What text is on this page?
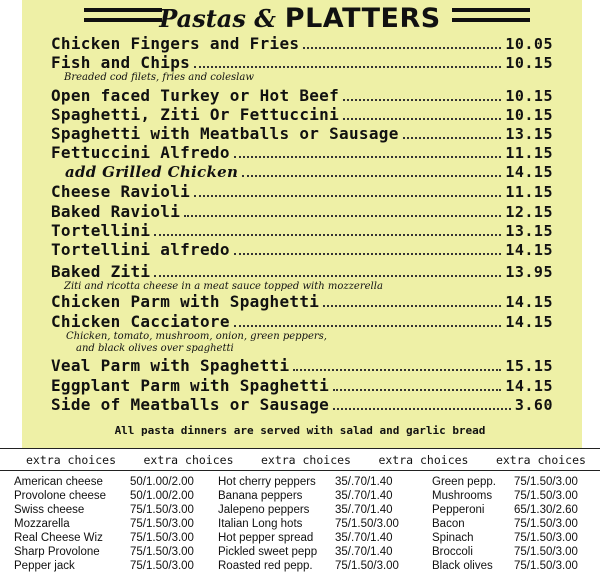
Pastas & PLATTERS
Chicken Fingers and Fries	10.05
Fish and Chips	10.15
Breaded cod filets, fries and coleslaw
Open faced Turkey or Hot Beef	10.15
Spaghetti, Ziti Or Fettuccini	10.15
Spaghetti with Meatballs or Sausage	13.15
Fettuccini Alfredo	11.15
add Grilled Chicken	14.15
Cheese Ravioli	11.15
Baked Ravioli	12.15
Tortellini	13.15
Tortellini alfredo	14.15
Baked Ziti	13.95
Ziti and ricotta cheese in a meat sauce topped with mozzerella
Chicken Parm with Spaghetti	14.15
Chicken Cacciatore	14.15
Chicken, tomato, mushroom, onion, green peppers,
and black olives over spaghetti
Veal Parm with Spaghetti	15.15
Eggplant Parm with Spaghetti	14.15
Side of Meatballs or Sausage	3.60
All pasta dinners are served with salad and garlic bread
extra choices extra choices extra choices extra choices extra choices
American cheese 50/1.00/2.00 Hot cherry peppers 35/.70/1.40	Green pepp. 75/1.50/3.00
Provolone cheese 50/1.00/2.00 Banana peppers	35/.70/1.40	Mushrooms 75/1.50/3.00
Swiss cheese	75/1.50/3.00 Jalepeno peppers 35/.70/1.40	Pepperoni	65/1.30/2.60
Mozzarella	75/1.50/3.00 Italian Long hots	75/1.50/3.00	Bacon	75/1.50/3.00
Real Cheese Wiz 75/1.50/3.00 Hot pepper spread 35/.70/1.40	Spinach	75/1.50/3.00
Sharp Provolone	75/1.50/3.00 Pickled sweet pepp 35/.70/1.40	Broccoli	75/1.50/3.00
Pepper jack	75/1.50/3.00 Roasted red pepp. 75/1.50/3.00	Black olives 75/1.50/3.00
